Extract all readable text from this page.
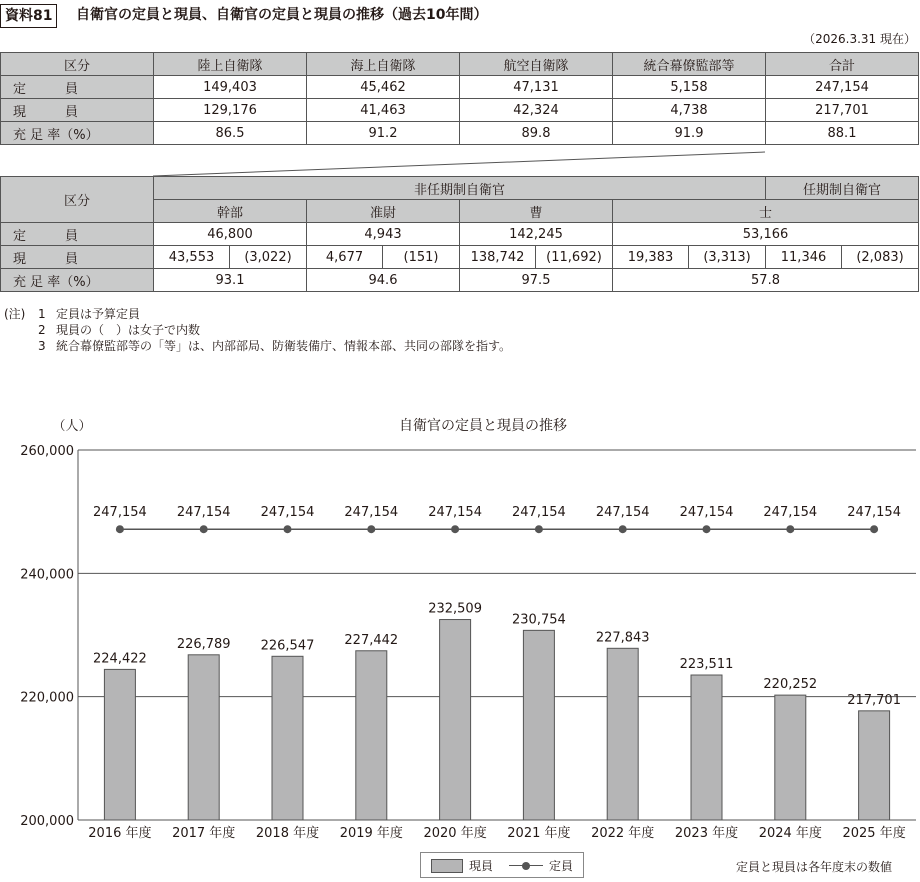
資料81	自衛官の定員と現員、自衛官の定員と現員の推移（過去10年間）
（2026.3.31 現在）
区分	陸上自衛隊	海上自衛隊	航空自衛隊	統合幕僚監部等	合計
定　　　員	149,403	45,462	47,131	5,158	247,154
現　　　員	129,176	41,463	42,324	4,738	217,701
充 足 率（%）	86.5	91.2	89.8	91.9	88.1
区分	非任期制自衛官								任期制自衛官	
	幹部		准尉		曹		士			
定　　　員	46,800		4,943		142,245		53,166			
現　　　員	43,553	(3,022)	4,677	(151)	138,742	(11,692)	19,383	(3,313)	11,346	(2,083)
充 足 率（%）	93.1		94.6		97.5		57.8			
(注)	1 定員は予算定員
2 現員の（　）は女子で内数
3 統合幕僚監部等の「等」は、内部部局、防衛装備庁、情報本部、共同の部隊を指す。
自衛官の定員と現員の推移
（人）
200,000
220,000
240,000
260,000
224,422
226,789 226,547 227,442
232,509
230,754
227,843
223,511
220,252
217,701
247,154 247,154 247,154 247,154 247,154 247,154 247,154 247,154 247,154 247,154
2016 年度 2017 年度 2018 年度 2019 年度 2020 年度 2021 年度 2022 年度 2023 年度 2024 年度 2025 年度
現員	定員	定員と現員は各年度末の数値
